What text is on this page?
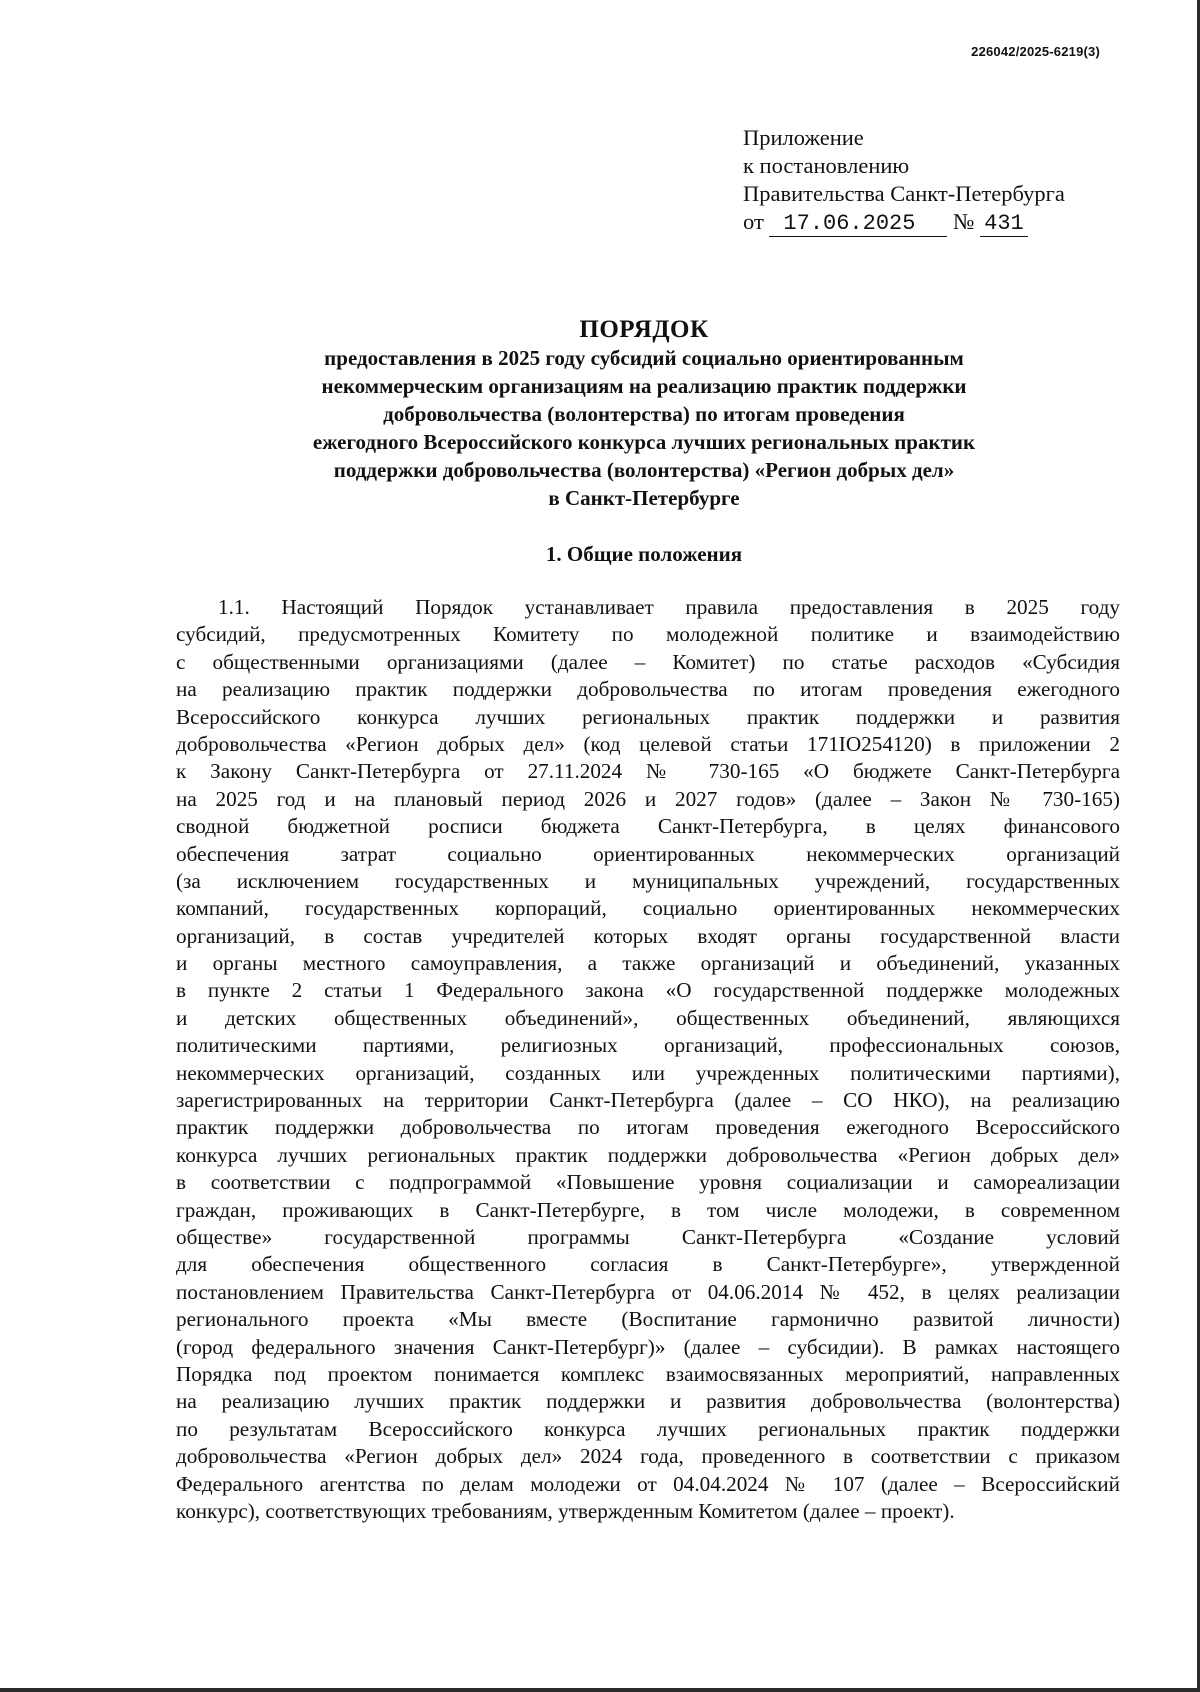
226042/2025-6219(3)
Приложение
к постановлению
Правительства Санкт-Петербурга
от 17.06.2025 № 431
ПОРЯДОК
предоставления в 2025 году субсидий социально ориентированным
некоммерческим организациям на реализацию практик поддержки
добровольчества (волонтерства) по итогам проведения
ежегодного Всероссийского конкурса лучших региональных практик
поддержки добровольчества (волонтерства) «Регион добрых дел»
в Санкт-Петербурге
1. Общие положения
1.1. Настоящий Порядок устанавливает правила предоставления в 2025 году
субсидий, предусмотренных Комитету по молодежной политике и взаимодействию
с общественными организациями (далее – Комитет) по статье расходов «Субсидия
на реализацию практик поддержки добровольчества по итогам проведения ежегодного
Всероссийского конкурса лучших региональных практик поддержки и развития
добровольчества «Регион добрых дел» (код целевой статьи 171IO254120) в приложении 2
к Закону Санкт-Петербурга от 27.11.2024 № 730-165 «О бюджете Санкт-Петербурга
на 2025 год и на плановый период 2026 и 2027 годов» (далее – Закон № 730-165)
сводной бюджетной росписи бюджета Санкт-Петербурга, в целях финансового
обеспечения затрат социально ориентированных некоммерческих организаций
(за исключением государственных и муниципальных учреждений, государственных
компаний, государственных корпораций, социально ориентированных некоммерческих
организаций, в состав учредителей которых входят органы государственной власти
и органы местного самоуправления, а также организаций и объединений, указанных
в пункте 2 статьи 1 Федерального закона «О государственной поддержке молодежных
и детских общественных объединений», общественных объединений, являющихся
политическими партиями, религиозных организаций, профессиональных союзов,
некоммерческих организаций, созданных или учрежденных политическими партиями),
зарегистрированных на территории Санкт-Петербурга (далее – СО НКО), на реализацию
практик поддержки добровольчества по итогам проведения ежегодного Всероссийского
конкурса лучших региональных практик поддержки добровольчества «Регион добрых дел»
в соответствии с подпрограммой «Повышение уровня социализации и самореализации
граждан, проживающих в Санкт-Петербурге, в том числе молодежи, в современном
обществе» государственной программы Санкт-Петербурга «Создание условий
для обеспечения общественного согласия в Санкт-Петербурге», утвержденной
постановлением Правительства Санкт-Петербурга от 04.06.2014 № 452, в целях реализации
регионального проекта «Мы вместе (Воспитание гармонично развитой личности)
(город федерального значения Санкт-Петербург)» (далее – субсидии). В рамках настоящего
Порядка под проектом понимается комплекс взаимосвязанных мероприятий, направленных
на реализацию лучших практик поддержки и развития добровольчества (волонтерства)
по результатам Всероссийского конкурса лучших региональных практик поддержки
добровольчества «Регион добрых дел» 2024 года, проведенного в соответствии с приказом
Федерального агентства по делам молодежи от 04.04.2024 № 107 (далее – Всероссийский
конкурс), соответствующих требованиям, утвержденным Комитетом (далее – проект).
